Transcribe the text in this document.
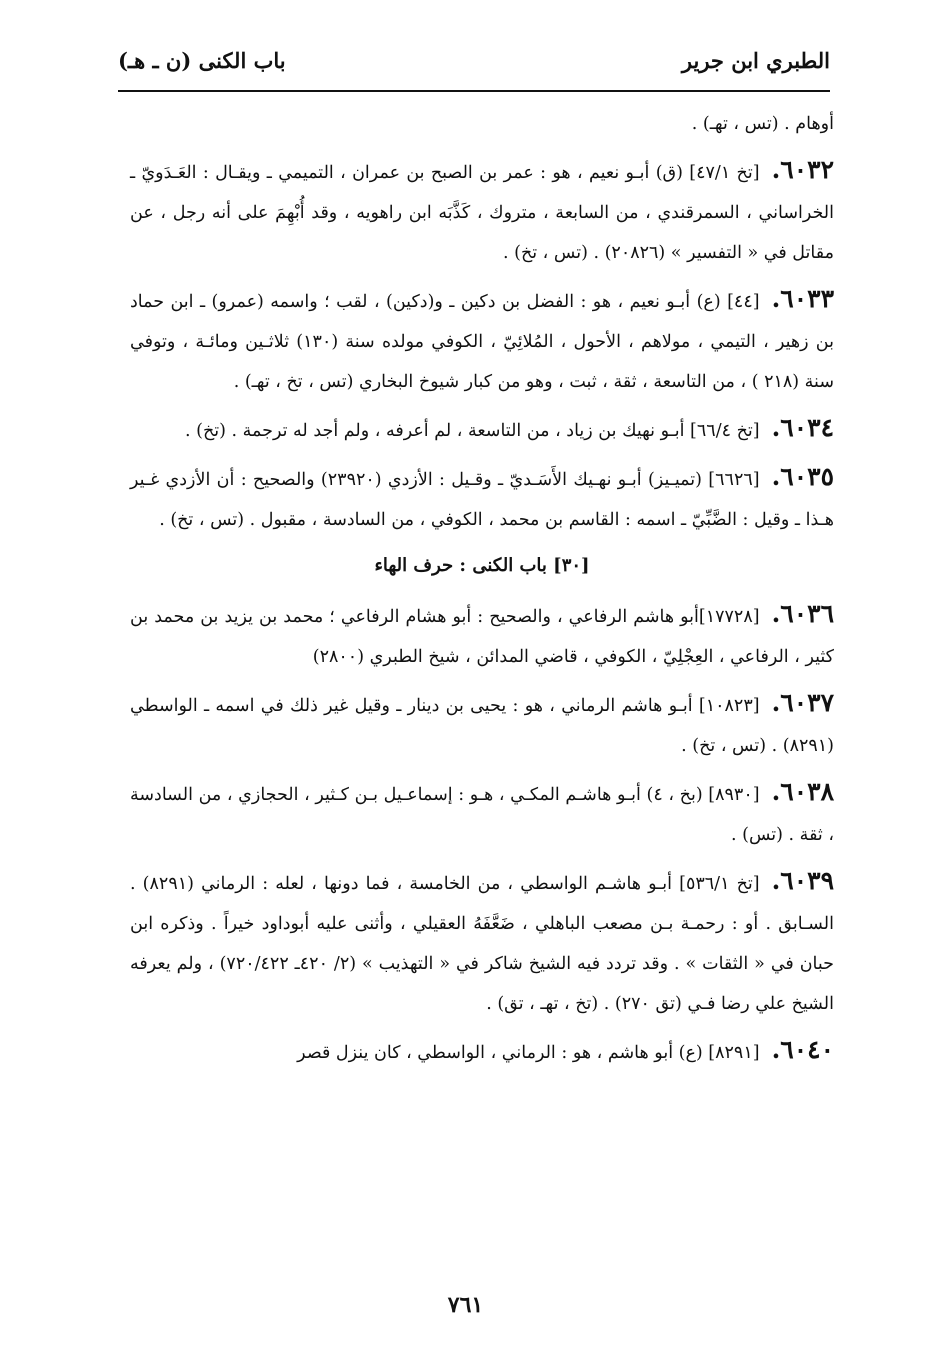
الطبري ابن جرير
باب الكنى (ن ـ هـ)

أوهام . (تس ، تهـ) .

٦٠٣٢.[تخ ٤٧/١] (ق) أبـو نعيم ، هو : عمر بن الصبح بن عمران ، التميمي ـ ويقـال : العَـدَويّ ـ الخراساني ، السمرقندي ، من السابعة ، متروك ، كَذَّبَه ابن راهويه ، وقد أُبْهِمَ على أنه رجل ، عن مقاتل في « التفسير » (٢٠٨٢٦) . (تس ، تخ) .

٦٠٣٣.[٤٤] (ع) أبـو نعيم ، هو : الفضل بن دكين ـ و(دكين) ، لقب ؛ واسمه (عمرو) ـ ابن حماد بن زهير ، التيمي ، مولاهم ، الأحول ، المُلائِيّ ، الكوفي مولده سنة (١٣٠) ثلاثـين ومائـة ، وتوفي سنة (٢١٨ ) ، من التاسعة ، ثقة ، ثبت ، وهو من كبار شيوخ البخاري (تس ، تخ ، تهـ) .

٦٠٣٤.[تخ ٦٦/٤] أبـو نهيك بن زياد ، من التاسعة ، لم أعرفه ، ولم أجد له ترجمة . (تخ) .

٦٠٣٥.[٦٦٢٦] (تميـيز) أبـو نهـيك الأَسَـديّ ـ وقـيل : الأزدي (٢٣٩٢٠) والصحيح : أن الأزدي غـير هـذا ـ وقيل : الضَّبِّيّ ـ اسمه : القاسم بن محمد ، الكوفي ، من السادسة ، مقبول . (تس ، تخ) .

[٣٠] باب الكنى : حرف الهاء

٦٠٣٦.[١٧٧٢٨]أبو هاشم الرفاعي ، والصحيح : أبو هشام الرفاعي ؛ محمد بن يزيد بن محمد بن كثير ، الرفاعي ، العِجْلِيّ ، الكوفي ، قاضي المدائن ، شيخ الطبري (٢٨٠٠)

٦٠٣٧.[١٠٨٢٣] أبـو هاشم الرماني ، هو : يحيى بن دينار ـ وقيل غير ذلك في اسمه ـ الواسطي (٨٢٩١) . (تس ، تخ) .

٦٠٣٨.[٨٩٣٠] (بخ ، ٤) أبـو هاشـم المكـي ، هـو : إسماعـيل بـن كـثير ، الحجازي ، من السادسة ، ثقة . (تس) .

٦٠٣٩.[تخ ٥٣٦/١] أبـو هاشـم الواسطي ، من الخامسة ، فما دونها ، لعله : الرماني (٨٢٩١) . السـابق . أو : رحمـة بـن مصعب الباهلي ، ضَعَّفَهُ العقيلي ، وأثنى عليه أبوداود خيراً . وذكره ابن حبان في « الثقات » . وقد تردد فيه الشيخ شاكر في « التهذيب » (٢/ ٤٢٠ـ ٧٢٠/٤٢٢) ، ولم يعرفه الشيخ علي رضا فـي (تق ٢٧٠) . (تخ ، تهـ ، تق) .

٦٠٤٠.[٨٢٩١] (ع) أبو هاشم ، هو : الرماني ، الواسطي ، كان ينزل قصر

٧٦١
